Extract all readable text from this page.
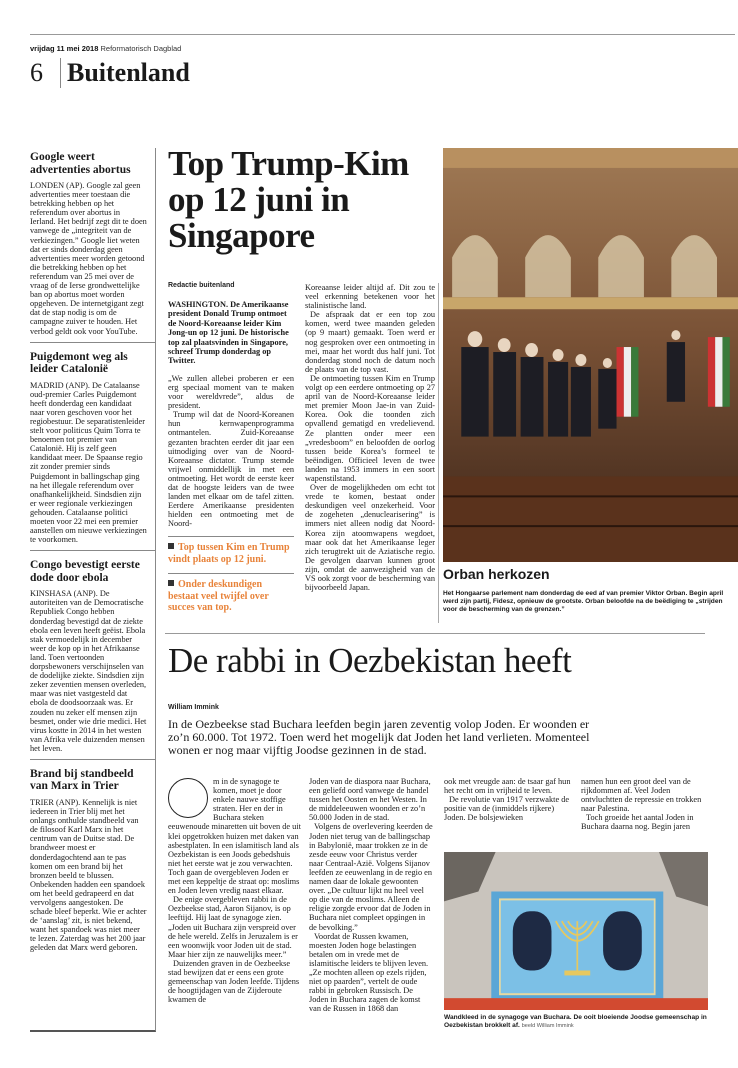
vrijdag 11 mei 2018 Reformatorisch Dagblad
6 Buitenland
Google weert advertenties abortus

LONDEN (AP). Google zal geen advertenties meer toestaan die betrekking hebben op het referendum over abortus in Ierland. Het bedrijf zegt dit te doen vanwege de „integriteit van de verkiezingen.” Google liet weten dat er sinds donderdag geen advertenties meer worden getoond die betrekking hebben op het referendum van 25 mei over de vraag of de Ierse grondwettelijke ban op abortus moet worden opgeheven. De internetgigant zegt dat de stap nodig is om de campagne zuiver te houden. Het verbod geldt ook voor YouTube.

Puigdemont weg als leider Catalonië

MADRID (ANP). De Catalaanse oud-premier Carles Puigdemont heeft donderdag een kandidaat naar voren geschoven voor het regiobestuur. De separatistenleider stelt voor politicus Quim Torra te benoemen tot premier van Catalonië. Hij is zelf geen kandidaat meer. De Spaanse regio zit zonder premier sinds Puigdemont in ballingschap ging na het illegale referendum over onafhankelijkheid. Sindsdien zijn er weer regionale verkiezingen gehouden. Catalaanse politici moeten voor 22 mei een premier aanstellen om nieuwe verkiezingen te voorkomen.

Congo bevestigt eerste dode door ebola

KINSHASA (ANP). De autoriteiten van de Democratische Republiek Congo hebben donderdag bevestigd dat de ziekte ebola een leven heeft geëist. Ebola stak vermoedelijk in december weer de kop op in het Afrikaanse land. Toen vertoonden dorpsbewoners verschijnselen van de dodelijke ziekte. Sindsdien zijn zeker zeventien mensen overleden, maar was niet vastgesteld dat ebola de doodsoorzaak was. Er zouden nu zeker elf mensen zijn besmet, onder wie drie medici. Het virus kostte in 2014 in het westen van Afrika vele duizenden mensen het leven.

Brand bij standbeeld van Marx in Trier

TRIER (ANP). Kennelijk is niet iedereen in Trier blij met het onlangs onthulde standbeeld van de filosoof Karl Marx in het centrum van de Duitse stad. De brandweer moest er donderdagochtend aan te pas komen om een brand bij het bronzen beeld te blussen. Onbekenden hadden een spandoek om het beeld gedrapeerd en dat vervolgens aangestoken. De schade bleef beperkt. Wie er achter de ‘aanslag’ zit, is niet bekend, want het spandoek was niet meer te lezen. Zaterdag was het 200 jaar geleden dat Marx werd geboren.

Top Trump-Kim op 12 juni in Singapore
Redactie buitenland

WASHINGTON. De Amerikaanse president Donald Trump ontmoet de Noord-Koreaanse leider Kim Jong-un op 12 juni. De historische top zal plaatsvinden in Singapore, schreef Trump donderdag op Twitter.

„We zullen allebei proberen er een erg speciaal moment van te maken voor wereldvrede”, aldus de president.

Trump wil dat de Noord-Koreanen hun kernwapenprogramma ontmantelen. Zuid-Koreaanse gezanten brachten eerder dit jaar een uitnodiging over van de Noord-Koreaanse dictator. Trump stemde vrijwel onmiddellijk in met een ontmoeting. Het wordt de eerste keer dat de hoogste leiders van de twee landen met elkaar om de tafel zitten. Eerdere Amerikaanse presidenten hielden een ontmoeting met de Noord-

Top tussen Kim en Trump vindt plaats op 12 juni.
Onder deskundigen bestaat veel twijfel over succes van top.

Koreaanse leider altijd af. Dit zou te veel erkenning betekenen voor het stalinistische land.

De afspraak dat er een top zou komen, werd twee maanden geleden (op 9 maart) gemaakt. Toen werd er nog gesproken over een ontmoeting in mei, maar het wordt dus half juni. Tot donderdag stond noch de datum noch de plaats van de top vast.

De ontmoeting tussen Kim en Trump volgt op een eerdere ontmoeting op 27 april van de Noord-Koreaanse leider met premier Moon Jae-in van Zuid-Korea. Ook die toonden zich opvallend gematigd en vredelievend. Ze plantten onder meer een „vredesboom” en beloofden de oorlog tussen beide Korea’s formeel te beëindigen. Officieel leven de twee landen na 1953 immers in een soort wapenstilstand.

Over de mogelijkheden om echt tot vrede te komen, bestaat onder deskundigen veel onzekerheid. Voor de zogeheten „denuclearisering” is immers niet alleen nodig dat Noord-Korea zijn atoomwapens wegdoet, maar ook dat het Amerikaanse leger zich terugtrekt uit de Aziatische regio. De gevolgen daarvan kunnen groot zijn, omdat de aanwezigheid van de VS ook zorgt voor de bescherming van bijvoorbeeld Japan.

Orban herkozen
Het Hongaarse parlement nam donderdag de eed af van premier Viktor Orban. Begin april werd zijn partij, Fidesz, opnieuw de grootste. Orban beloofde na de beëdiging te „strijden voor de bescherming van de grenzen.”
De rabbi in Oezbekistan heeft
William Immink

In de Oezbeekse stad Buchara leefden begin jaren zeventig volop Joden. Er woonden er zo’n 60.000. Tot 1972. Toen werd het mogelijk dat Joden het land verlieten. Momenteel wonen er nog maar vijftig Joodse gezinnen in de stad.

m in de synagoge te komen, moet je door enkele nauwe stoffige straten. Her en der in Buchara steken eeuwenoude minaretten uit boven de uit klei opgetrokken huizen met daken van asbestplaten. In een islamitisch land als Oezbekistan is een Joods gebedshuis niet het eerste wat je zou verwachten. Toch gaan de overgebleven Joden er met een keppeltje de straat op: moslims en Joden leven vredig naast elkaar.

De enige overgebleven rabbi in de Oezbeekse stad, Aaron Sijanov, is op leeftijd. Hij laat de synagoge zien. „Joden uit Buchara zijn verspreid over de hele wereld. Zelfs in Jeruzalem is er een woonwijk voor Joden uit de stad. Maar hier zijn ze nauwelijks meer.”

Duizenden graven in de Oezbeekse stad bewijzen dat er eens een grote gemeenschap van Joden leefde. Tijdens de hoogtijdagen van de Zijderoute kwamen de

Joden van de diaspora naar Buchara, een geliefd oord vanwege de handel tussen het Oosten en het Westen. In de middeleeuwen woonden er zo’n 50.000 Joden in de stad.

Volgens de overlevering keerden de Joden niet terug van de ballingschap in Babylonië, maar trokken ze in de zesde eeuw voor Christus verder naar Centraal-Azië. Volgens Sijanov leefden ze eeuwenlang in de regio en namen daar de lokale gewoonten over. „De cultuur lijkt nu heel veel op die van de moslims. Alleen de religie zorgde ervoor dat de Joden in Buchara niet compleet opgingen in de bevolking.”

Voordat de Russen kwamen, moesten Joden hoge belastingen betalen om in vrede met de islamitische leiders te blijven leven. „Ze mochten alleen op ezels rijden, niet op paarden”, vertelt de oude rabbi in gebroken Russisch. De Joden in Buchara zagen de komst van de Russen in 1868 dan

ook met vreugde aan: de tsaar gaf hun het recht om in vrijheid te leven.

De revolutie van 1917 verzwakte de positie van de (inmiddels rijkere) Joden. De bolsjewieken

namen hun een groot deel van de rijkdommen af. Veel Joden ontvluchtten de repressie en trokken naar Palestina.

Toch groeide het aantal Joden in Buchara daarna nog. Begin jaren

Wandkleed in de synagoge van Buchara. De ooit bloeiende Joodse gemeenschap in Oezbekistan brokkelt af. beeld William Immink
